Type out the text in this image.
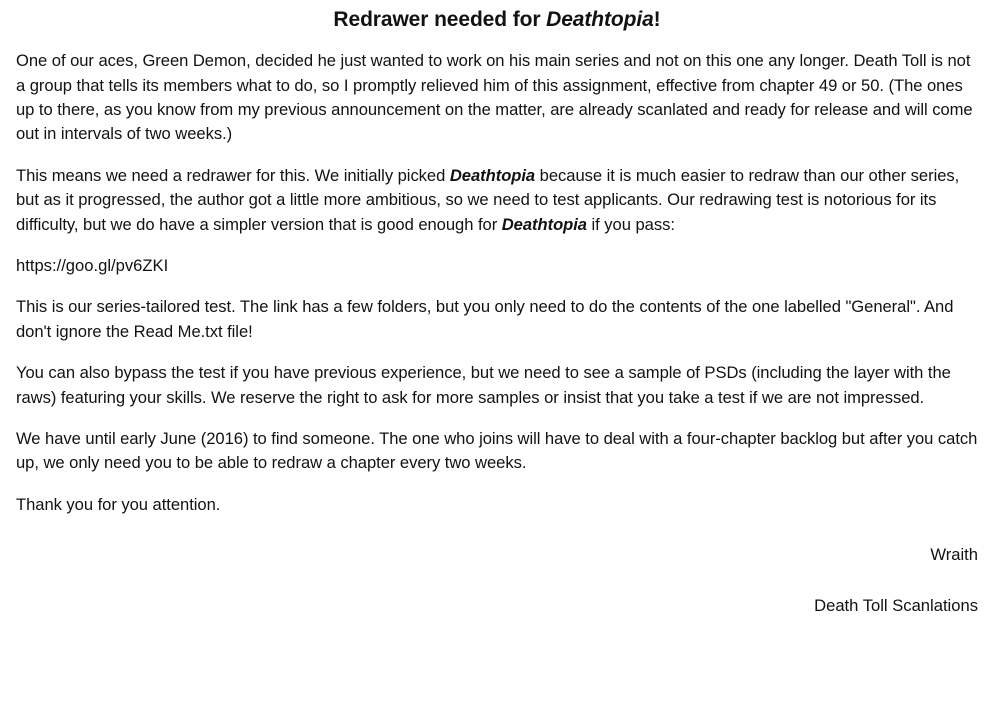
Redrawer needed for Deathtopia!

One of our aces, Green Demon, decided he just wanted to work on his main series and not on this one any longer. Death Toll is not a group that tells its members what to do, so I promptly relieved him of this assignment, effective from chapter 49 or 50. (The ones up to there, as you know from my previous announcement on the matter, are already scanlated and ready for release and will come out in intervals of two weeks.)

This means we need a redrawer for this. We initially picked Deathtopia because it is much easier to redraw than our other series, but as it progressed, the author got a little more ambitious, so we need to test applicants. Our redrawing test is notorious for its difficulty, but we do have a simpler version that is good enough for Deathtopia if you pass:

https://goo.gl/pv6ZKI

This is our series-tailored test. The link has a few folders, but you only need to do the contents of the one labelled "General". And don't ignore the Read Me.txt file!

You can also bypass the test if you have previous experience, but we need to see a sample of PSDs (including the layer with the raws) featuring your skills. We reserve the right to ask for more samples or insist that you take a test if we are not impressed.

We have until early June (2016) to find someone. The one who joins will have to deal with a four-chapter backlog but after you catch up, we only need you to be able to redraw a chapter every two weeks.

Thank you for you attention.

Wraith

Death Toll Scanlations
